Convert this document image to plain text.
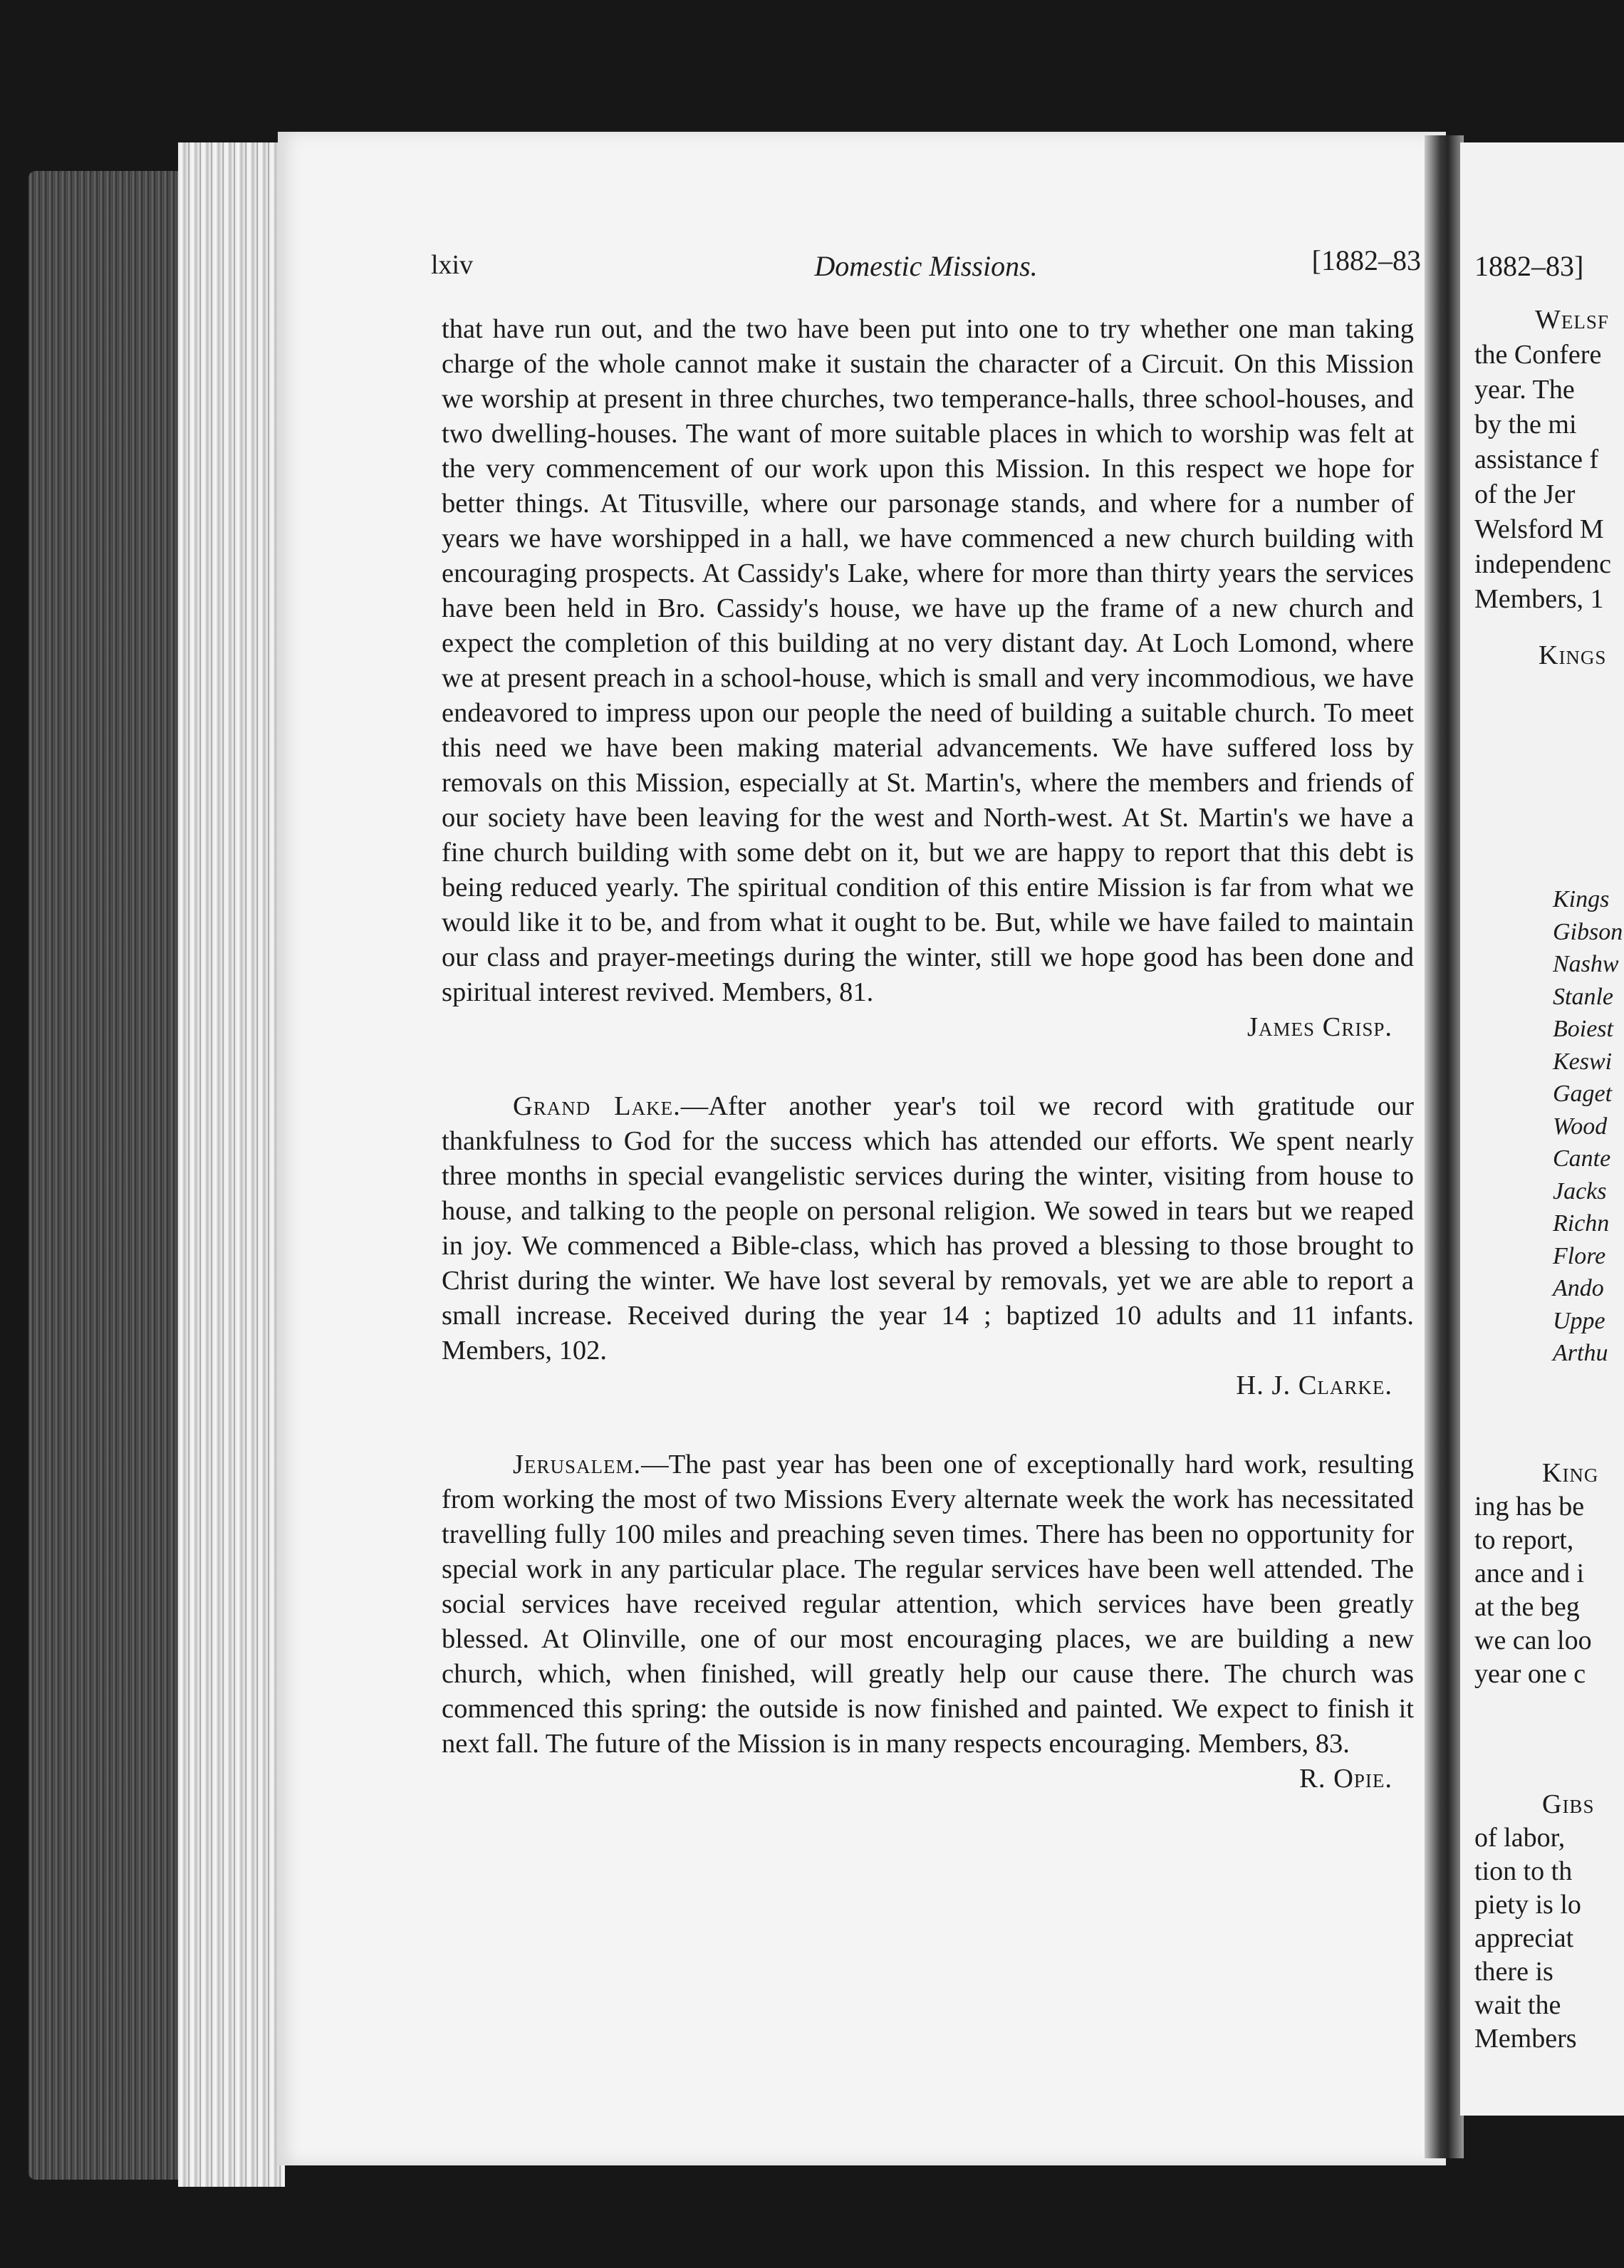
lxiv	Domestic Missions.	[1882–83

that have run out, and the two have been put into one to try whether one man taking charge of the whole cannot make it sustain the character of a Circuit. On this Mission we worship at present in three churches, two temperance-halls, three school-houses, and two dwelling-houses. The want of more suitable places in which to worship was felt at the very commencement of our work upon this Mission. In this respect we hope for better things. At Titusville, where our parsonage stands, and where for a number of years we have worshipped in a hall, we have commenced a new church building with encouraging prospects. At Cassidy's Lake, where for more than thirty years the services have been held in Bro. Cassidy's house, we have up the frame of a new church and expect the completion of this building at no very distant day. At Loch Lomond, where we at present preach in a school-house, which is small and very incommodious, we have endeavored to impress upon our people the need of building a suitable church. To meet this need we have been making material advancements. We have suffered loss by removals on this Mission, especially at St. Martin's, where the members and friends of our society have been leaving for the west and North-west. At St. Martin's we have a fine church building with some debt on it, but we are happy to report that this debt is being reduced yearly. The spiritual condition of this entire Mission is far from what we would like it to be, and from what it ought to be. But, while we have failed to maintain our class and prayer-meetings during the winter, still we hope good has been done and spiritual interest revived. Members, 81.

James Crisp.

Grand Lake.—After another year's toil we record with gratitude our thankfulness to God for the success which has attended our efforts. We spent nearly three months in special evangelistic services during the winter, visiting from house to house, and talking to the people on personal religion. We sowed in tears but we reaped in joy. We commenced a Bible-class, which has proved a blessing to those brought to Christ during the winter. We have lost several by removals, yet we are able to report a small increase. Received during the year 14 ; baptized 10 adults and 11 infants. Members, 102.

H. J. Clarke.

Jerusalem.—The past year has been one of exceptionally hard work, resulting from working the most of two Missions Every alternate week the work has necessitated travelling fully 100 miles and preaching seven times. There has been no opportunity for special work in any particular place. The regular services have been well attended. The social services have received regular attention, which services have been greatly blessed. At Olinville, one of our most encouraging places, we are building a new church, which, when finished, will greatly help our cause there. The church was commenced this spring: the outside is now finished and painted. We expect to finish it next fall. The future of the Mission is in many respects encouraging. Members, 83.

R. Opie.

1882–83]
Welsf
the Confere
year. The
by the mi
assistance f
of the Jer
Welsford M
independenc
Members, 1
Kings
Kings
Gibson
Nashw
Stanle
Boiest
Keswi
Gaget
Wood
Cante
Jacks
Richn
Flore
Ando
Uppe
Arthu
King
ing has be
to report,
ance and i
at the beg
we can loo
year one c
Gibs
of labor,
tion to th
piety is lo
appreciat
there is
wait the
Members
